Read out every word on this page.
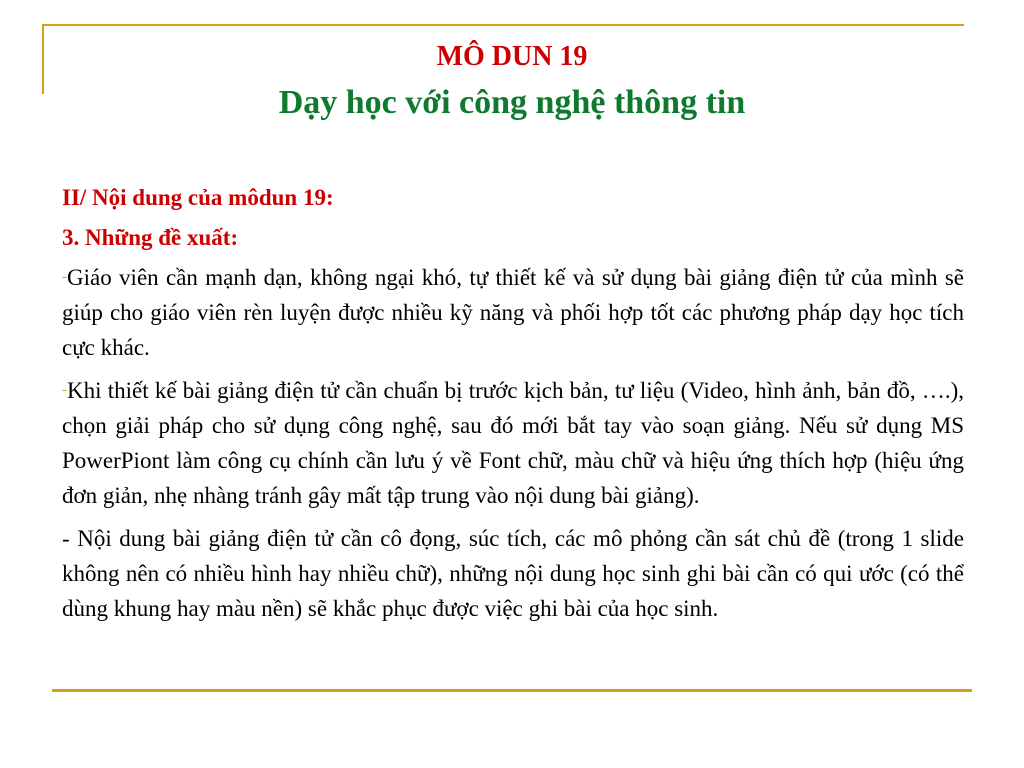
MÔ DUN 19
Dạy học với công nghệ thông tin
II/ Nội dung của môdun 19:
3. Những đề xuất:
-Giáo viên cần mạnh dạn, không ngại khó, tự thiết kế và sử dụng bài giảng điện tử của mình sẽ giúp cho giáo viên rèn luyện được nhiều kỹ năng và phối hợp tốt các phương pháp dạy học tích cực khác.
-Khi thiết kế bài giảng điện tử cần chuẩn bị trước kịch bản, tư liệu (Video, hình ảnh, bản đồ, ….), chọn giải pháp cho sử dụng công nghệ, sau đó mới bắt tay vào soạn giảng. Nếu sử dụng MS PowerPiont làm công cụ chính cần lưu ý về Font chữ, màu chữ và hiệu ứng thích hợp (hiệu ứng đơn giản, nhẹ nhàng tránh gây mất tập trung vào nội dung bài giảng).
- Nội dung bài giảng điện tử cần cô đọng, súc tích, các mô phỏng cần sát chủ đề (trong 1 slide không nên có nhiều hình hay nhiều chữ), những nội dung học sinh ghi bài cần có qui ước (có thể dùng khung hay màu nền) sẽ khắc phục được việc ghi bài của học sinh.
